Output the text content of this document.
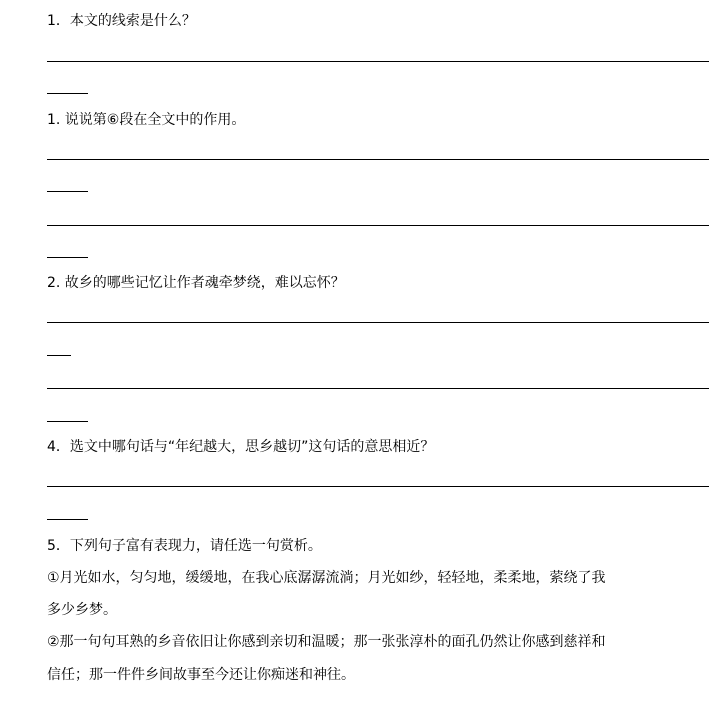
1．本文的线索是什么？

1. 说说第⑥段在全文中的作用。

2. 故乡的哪些记忆让作者魂牵梦绕，难以忘怀？

4．选文中哪句话与“年纪越大，思乡越切”这句话的意思相近？

5．下列句子富有表现力，请任选一句赏析。

①月光如水，匀匀地，缓缓地，在我心底潺潺流淌；月光如纱，轻轻地，柔柔地，萦绕了我

多少乡梦。

②那一句句耳熟的乡音依旧让你感到亲切和温暖；那一张张淳朴的面孔仍然让你感到慈祥和

信任；那一件件乡间故事至今还让你痴迷和神往。
